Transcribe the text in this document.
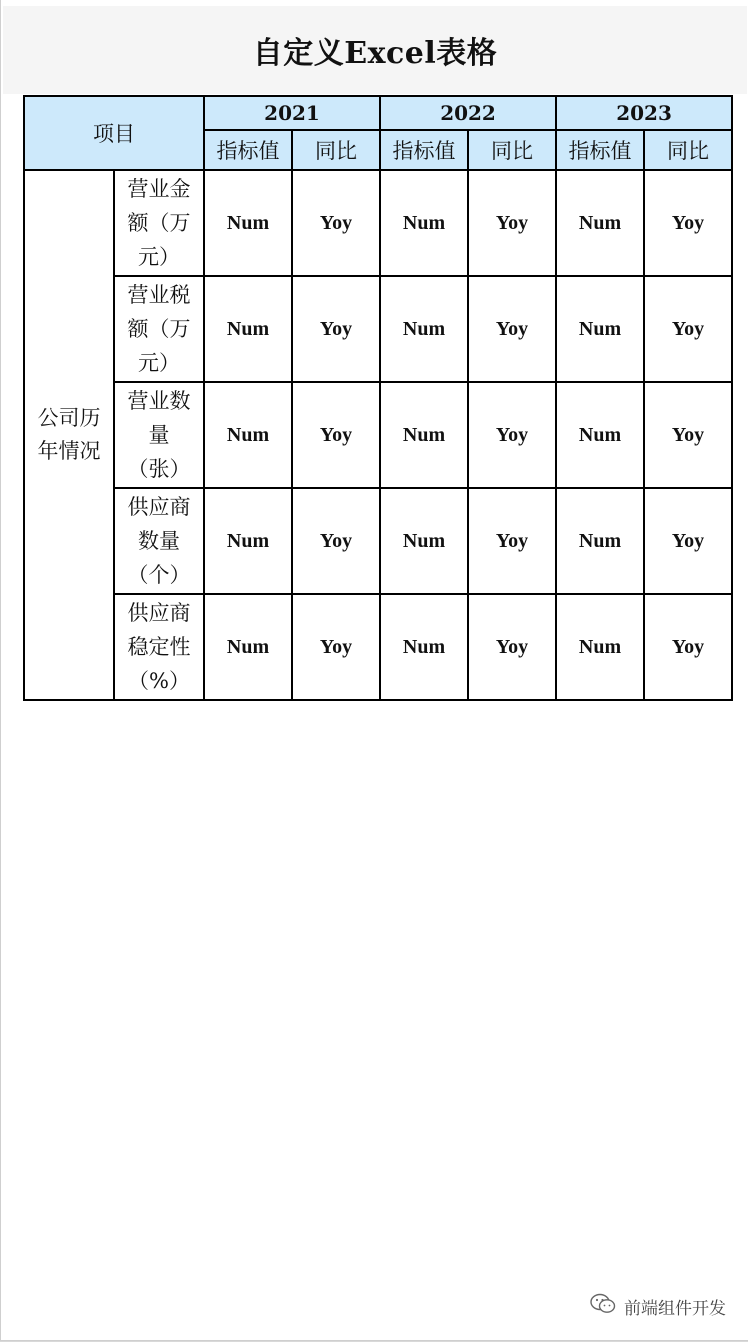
自定义Excel表格
项目		2021		2022		2023	
		指标值	同比	指标值	同比	指标值	同比

公司历年情况	营业金额（万元）	Num	Yoy	Num	Yoy	Num	Yoy

	营业税额（万元）	Num	Yoy	Num	Yoy	Num	Yoy

	营业数量（张）	Num	Yoy	Num	Yoy	Num	Yoy

	供应商数量（个）	Num	Yoy	Num	Yoy	Num	Yoy

	供应商稳定性（%）	Num	Yoy	Num	Yoy	Num	Yoy
前端组件开发
